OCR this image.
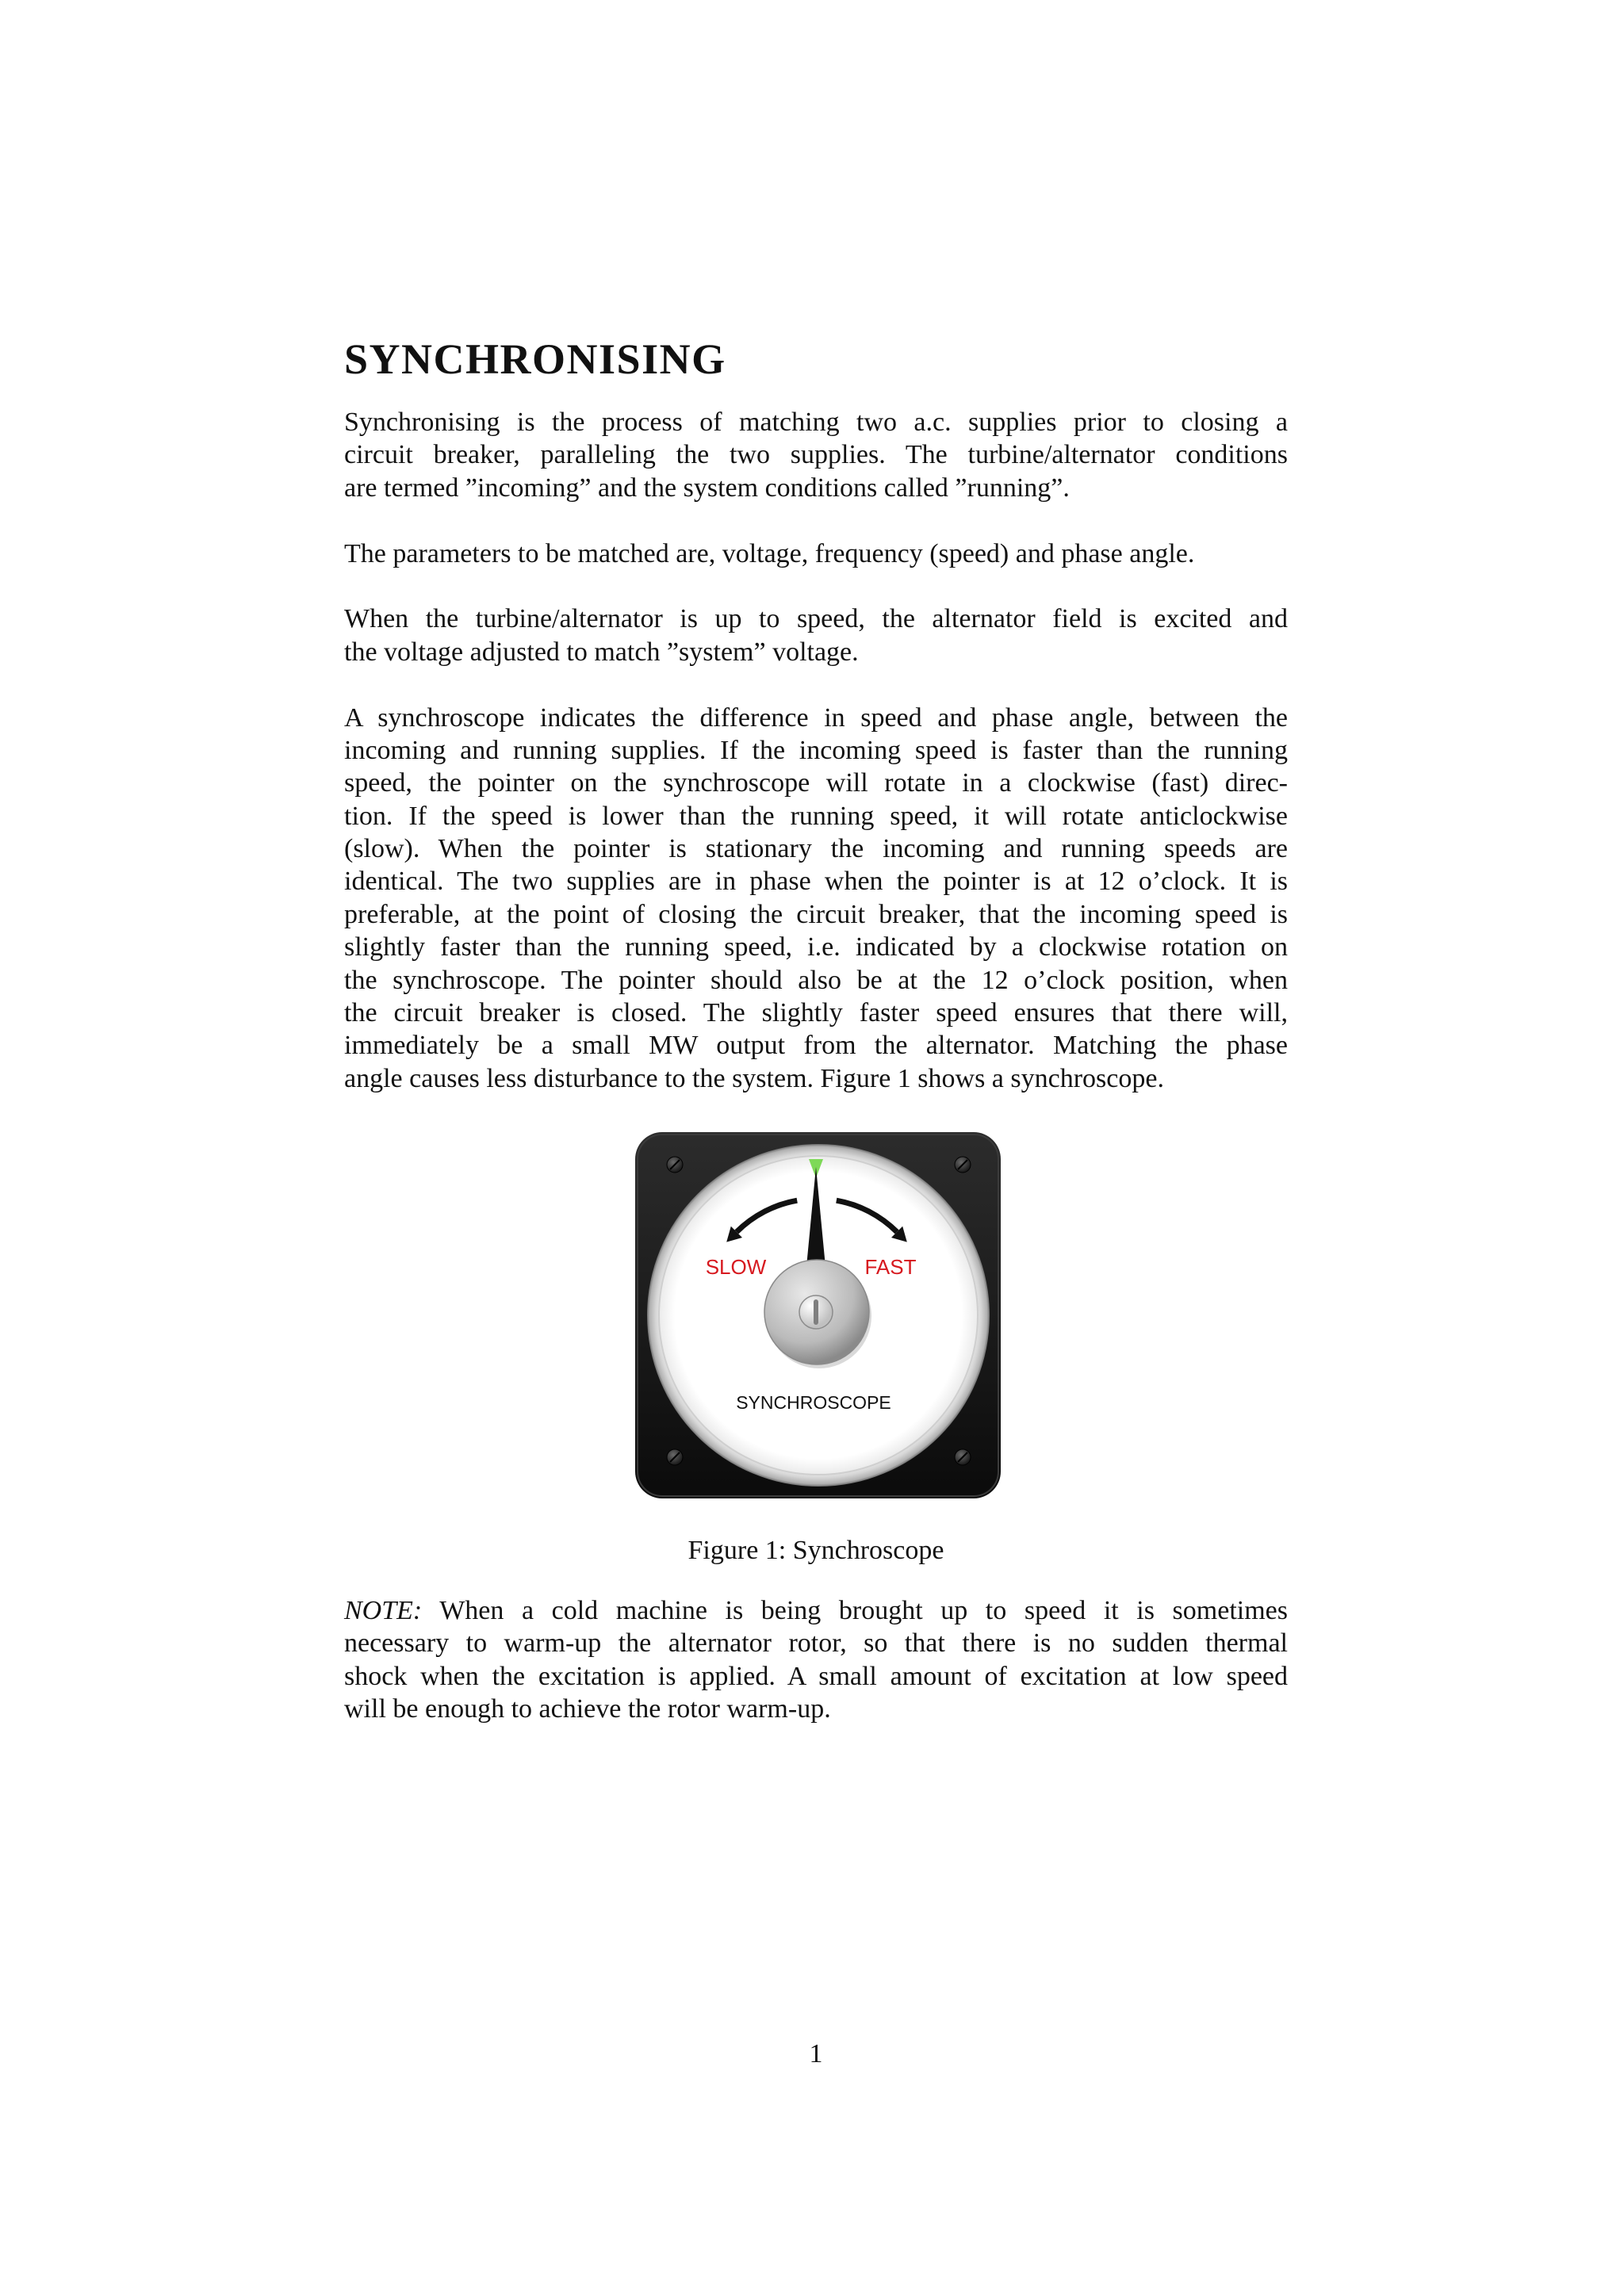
SYNCHRONISING
Synchronising is the process of matching two a.c. supplies prior to closing a
circuit breaker, paralleling the two supplies. The turbine/alternator conditions
are termed ”incoming” and the system conditions called ”running”.
The parameters to be matched are, voltage, frequency (speed) and phase angle.
When the turbine/alternator is up to speed, the alternator field is excited and
the voltage adjusted to match ”system” voltage.
A synchroscope indicates the difference in speed and phase angle, between the
incoming and running supplies. If the incoming speed is faster than the running
speed, the pointer on the synchroscope will rotate in a clockwise (fast) direc-
tion. If the speed is lower than the running speed, it will rotate anticlockwise
(slow). When the pointer is stationary the incoming and running speeds are
identical. The two supplies are in phase when the pointer is at 12 o’clock. It is
preferable, at the point of closing the circuit breaker, that the incoming speed is
slightly faster than the running speed, i.e. indicated by a clockwise rotation on
the synchroscope. The pointer should also be at the 12 o’clock position, when
the circuit breaker is closed. The slightly faster speed ensures that there will,
immediately be a small MW output from the alternator. Matching the phase
angle causes less disturbance to the system. Figure 1 shows a synchroscope.
SLOW	FAST
SYNCHROSCOPE
Figure 1: Synchroscope
NOTE: When a cold machine is being brought up to speed it is sometimes
necessary to warm-up the alternator rotor, so that there is no sudden thermal
shock when the excitation is applied. A small amount of excitation at low speed
will be enough to achieve the rotor warm-up.
1
